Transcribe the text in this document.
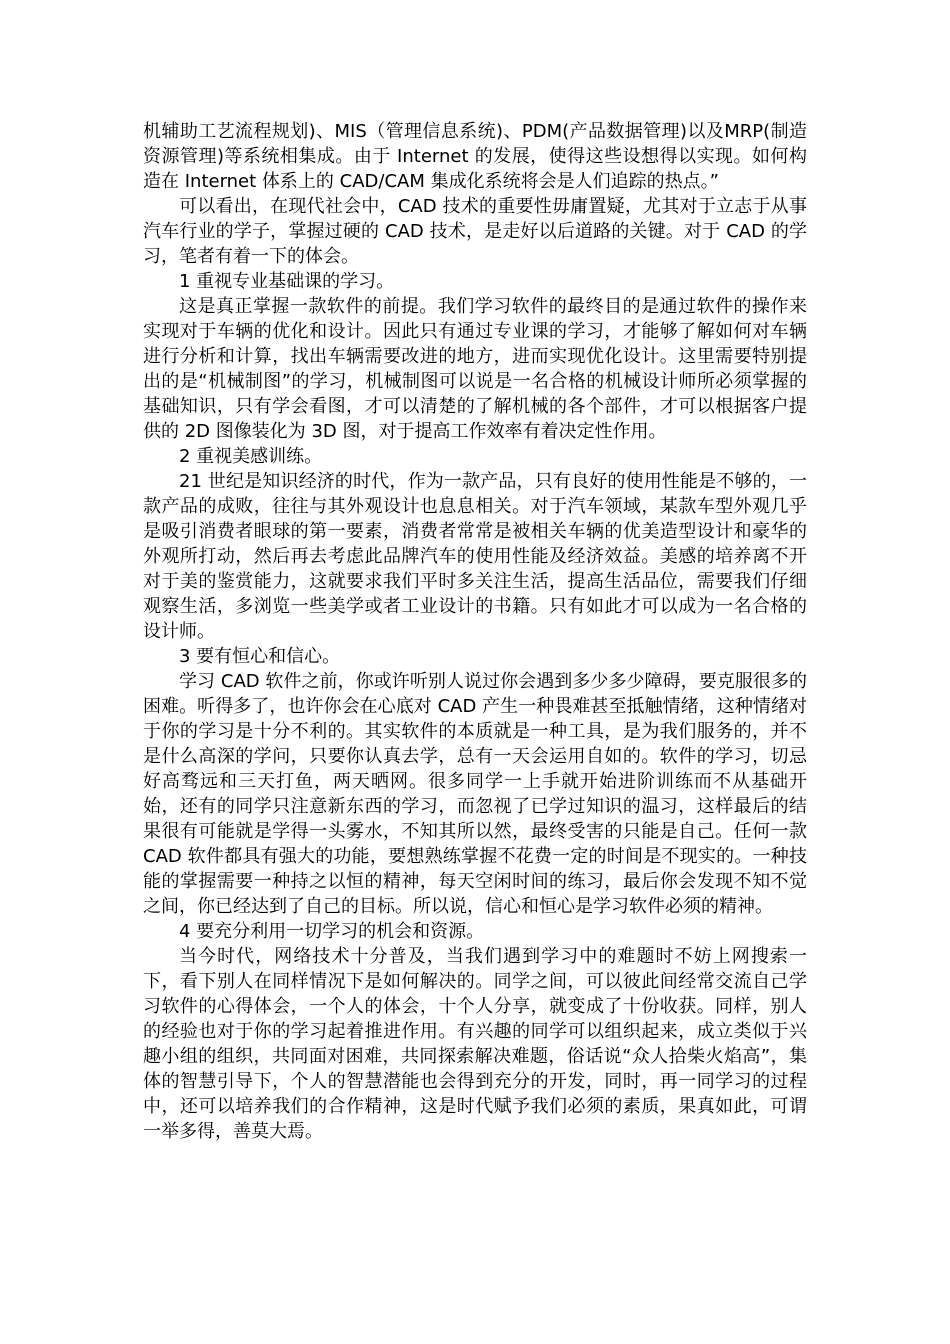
机辅助工艺流程规划)、MIS（管理信息系统)、PDM(产品数据管理)以及MRP(制造资源管理)等系统相集成。由于 Internet 的发展，使得这些设想得以实现。如何构造在 Internet 体系上的 CAD/CAM 集成化系统将会是人们追踪的热点。”

可以看出，在现代社会中，CAD 技术的重要性毋庸置疑，尤其对于立志于从事汽车行业的学子，掌握过硬的 CAD 技术，是走好以后道路的关键。对于 CAD 的学习，笔者有着一下的体会。

1 重视专业基础课的学习。

这是真正掌握一款软件的前提。我们学习软件的最终目的是通过软件的操作来实现对于车辆的优化和设计。因此只有通过专业课的学习，才能够了解如何对车辆进行分析和计算，找出车辆需要改进的地方，进而实现优化设计。这里需要特别提出的是“机械制图”的学习，机械制图可以说是一名合格的机械设计师所必须掌握的基础知识，只有学会看图，才可以清楚的了解机械的各个部件，才可以根据客户提供的 2D 图像装化为 3D 图，对于提高工作效率有着决定性作用。

2 重视美感训练。

21 世纪是知识经济的时代，作为一款产品，只有良好的使用性能是不够的，一款产品的成败，往往与其外观设计也息息相关。对于汽车领域，某款车型外观几乎是吸引消费者眼球的第一要素，消费者常常是被相关车辆的优美造型设计和豪华的外观所打动，然后再去考虑此品牌汽车的使用性能及经济效益。美感的培养离不开对于美的鉴赏能力，这就要求我们平时多关注生活，提高生活品位，需要我们仔细观察生活，多浏览一些美学或者工业设计的书籍。只有如此才可以成为一名合格的设计师。

3 要有恒心和信心。

学习 CAD 软件之前，你或许听别人说过你会遇到多少多少障碍，要克服很多的困难。听得多了，也许你会在心底对 CAD 产生一种畏难甚至抵触情绪，这种情绪对于你的学习是十分不利的。其实软件的本质就是一种工具，是为我们服务的，并不是什么高深的学问，只要你认真去学，总有一天会运用自如的。软件的学习，切忌好高骛远和三天打鱼，两天晒网。很多同学一上手就开始进阶训练而不从基础开始，还有的同学只注意新东西的学习，而忽视了已学过知识的温习，这样最后的结果很有可能就是学得一头雾水，不知其所以然，最终受害的只能是自己。任何一款 CAD 软件都具有强大的功能，要想熟练掌握不花费一定的时间是不现实的。一种技能的掌握需要一种持之以恒的精神，每天空闲时间的练习，最后你会发现不知不觉之间，你已经达到了自己的目标。所以说，信心和恒心是学习软件必须的精神。

4 要充分利用一切学习的机会和资源。

当今时代，网络技术十分普及，当我们遇到学习中的难题时不妨上网搜索一下，看下别人在同样情况下是如何解决的。同学之间，可以彼此间经常交流自己学习软件的心得体会，一个人的体会，十个人分享，就变成了十份收获。同样，别人的经验也对于你的学习起着推进作用。有兴趣的同学可以组织起来，成立类似于兴趣小组的组织，共同面对困难，共同探索解决难题，俗话说“众人拾柴火焰高”，集体的智慧引导下，个人的智慧潜能也会得到充分的开发，同时，再一同学习的过程中，还可以培养我们的合作精神，这是时代赋予我们必须的素质，果真如此，可谓一举多得，善莫大焉。
